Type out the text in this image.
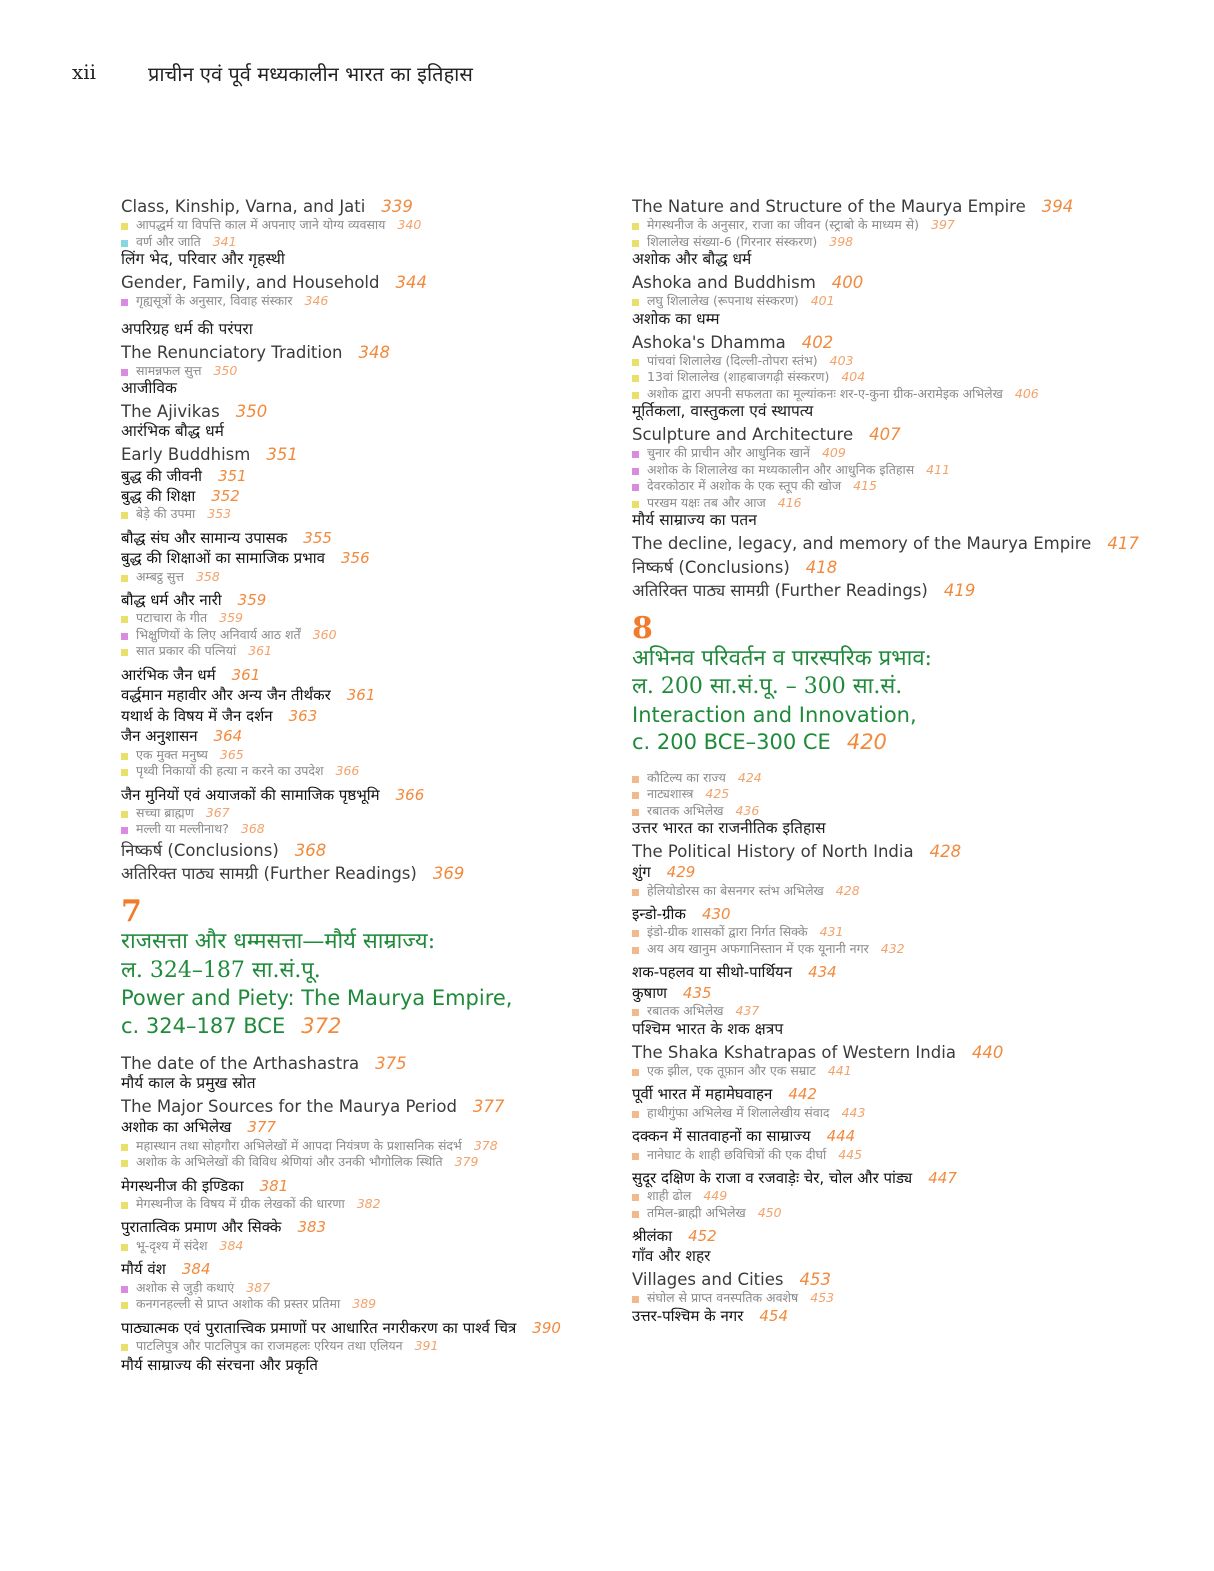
xii	प्राचीन एवं पूर्व मध्यकालीन भारत का इतिहास
Class, Kinship, Varna, and Jati 339
आपद्धर्म या विपत्ति काल में अपनाए जाने योग्य व्यवसाय 340
वर्ण और जाति 341
लिंग भेद, परिवार और गृहस्थी
Gender, Family, and Household 344
गृह्यसूत्रों के अनुसार, विवाह संस्कार 346
अपरिग्रह धर्म की परंपरा
The Renunciatory Tradition 348
सामन्नफल सुत्त 350
आजीविक
The Ajivikas 350
आरंभिक बौद्ध धर्म
Early Buddhism 351
बुद्ध की जीवनी 351
बुद्ध की शिक्षा 352
बेड़े की उपमा 353
बौद्ध संघ और सामान्य उपासक 355
बुद्ध की शिक्षाओं का सामाजिक प्रभाव 356
अम्बट्ठ सुत्त 358
बौद्ध धर्म और नारी 359
पटाचारा के गीत 359
भिक्षुणियों के लिए अनिवार्य आठ शर्तें 360
सात प्रकार की पत्नियां 361
आरंभिक जैन धर्म 361
वर्द्धमान महावीर और अन्य जैन तीर्थंकर 361
यथार्थ के विषय में जैन दर्शन 363
जैन अनुशासन 364
एक मुक्त मनुष्य 365
पृथ्वी निकायों की हत्या न करने का उपदेश 366
जैन मुनियों एवं अयाजकों की सामाजिक पृष्ठभूमि 366
सच्चा ब्राह्मण 367
मल्ली या मल्लीनाथ? 368
निष्कर्ष (Conclusions) 368
अतिरिक्त पाठ्य सामग्री (Further Readings) 369
7
राजसत्ता और धम्मसत्ता—मौर्य साम्राज्य:
ल. 324–187 सा.सं.पू.
Power and Piety: The Maurya Empire,
c. 324–187 BCE 372
The date of the Arthashastra 375
मौर्य काल के प्रमुख स्रोत
The Major Sources for the Maurya Period 377
अशोक का अभिलेख 377
महास्थान तथा सोहगौरा अभिलेखों में आपदा नियंत्रण के प्रशासनिक संदर्भ 378
अशोक के अभिलेखों की विविध श्रेणियां और उनकी भौगोलिक स्थिति 379
मेगस्थनीज की इण्डिका 381
मेगस्थनीज के विषय में ग्रीक लेखकों की धारणा 382
पुरातात्विक प्रमाण और सिक्के 383
भू-दृश्य में संदेश 384
मौर्य वंश 384
अशोक से जुड़ी कथाएं 387
कनगनहल्ली से प्राप्त अशोक की प्रस्तर प्रतिमा 389
पाठ्यात्मक एवं पुरातात्त्विक प्रमाणों पर आधारित नगरीकरण का पार्श्व चित्र 390
पाटलिपुत्र और पाटलिपुत्र का राजमहलः एरियन तथा एलियन 391
मौर्य साम्राज्य की संरचना और प्रकृति
The Nature and Structure of the Maurya Empire 394
मेगस्थनीज के अनुसार, राजा का जीवन (स्ट्राबो के माध्यम से) 397
शिलालेख संख्या-6 (गिरनार संस्करण) 398
अशोक और बौद्ध धर्म
Ashoka and Buddhism 400
लघु शिलालेख (रूपनाथ संस्करण) 401
अशोक का धम्म
Ashoka's Dhamma 402
पांचवां शिलालेख (दिल्ली-तोपरा स्तंभ) 403
13वां शिलालेख (शाहबाजगढ़ी संस्करण) 404
अशोक द्वारा अपनी सफलता का मूल्यांकनः शर-ए-कुना ग्रीक-अरामेइक अभिलेख 406
मूर्तिकला, वास्तुकला एवं स्थापत्य
Sculpture and Architecture 407
चुनार की प्राचीन और आधुनिक खानें 409
अशोक के शिलालेख का मध्यकालीन और आधुनिक इतिहास 411
देवरकोठार में अशोक के एक स्तूप की खोज 415
परखम यक्षः तब और आज 416
मौर्य साम्राज्य का पतन
The decline, legacy, and memory of the Maurya Empire 417
निष्कर्ष (Conclusions) 418
अतिरिक्त पाठ्य सामग्री (Further Readings) 419
8
अभिनव परिवर्तन व पारस्परिक प्रभाव:
ल. 200 सा.सं.पू. – 300 सा.सं.
Interaction and Innovation,
c. 200 BCE–300 CE 420
कौटिल्य का राज्य 424
नाट्यशास्त्र 425
रबातक अभिलेख 436
उत्तर भारत का राजनीतिक इतिहास
The Political History of North India 428
शुंग 429
हेलियोडोरस का बेसनगर स्तंभ अभिलेख 428
इन्डो-ग्रीक 430
इंडो-ग्रीक शासकों द्वारा निर्गत सिक्के 431
अय अय खानुम अफगानिस्तान में एक यूनानी नगर 432
शक-पहलव या सीथो-पार्थियन 434
कुषाण 435
रबातक अभिलेख 437
पश्चिम भारत के शक क्षत्रप
The Shaka Kshatrapas of Western India 440
एक झील, एक तूफ़ान और एक सम्राट 441
पूर्वी भारत में महामेघवाहन 442
हाथीगुंफा अभिलेख में शिलालेखीय संवाद 443
दक्कन में सातवाहनों का साम्राज्य 444
नानेघाट के शाही छविचित्रों की एक दीर्घा 445
सुदूर दक्षिण के राजा व रजवाड़ेः चेर, चोल और पांड्य 447
शाही ढोल 449
तमिल-ब्राह्मी अभिलेख 450
श्रीलंका 452
गाँव और शहर
Villages and Cities 453
संघोल से प्राप्त वनस्पतिक अवशेष 453
उत्तर-पश्चिम के नगर 454
